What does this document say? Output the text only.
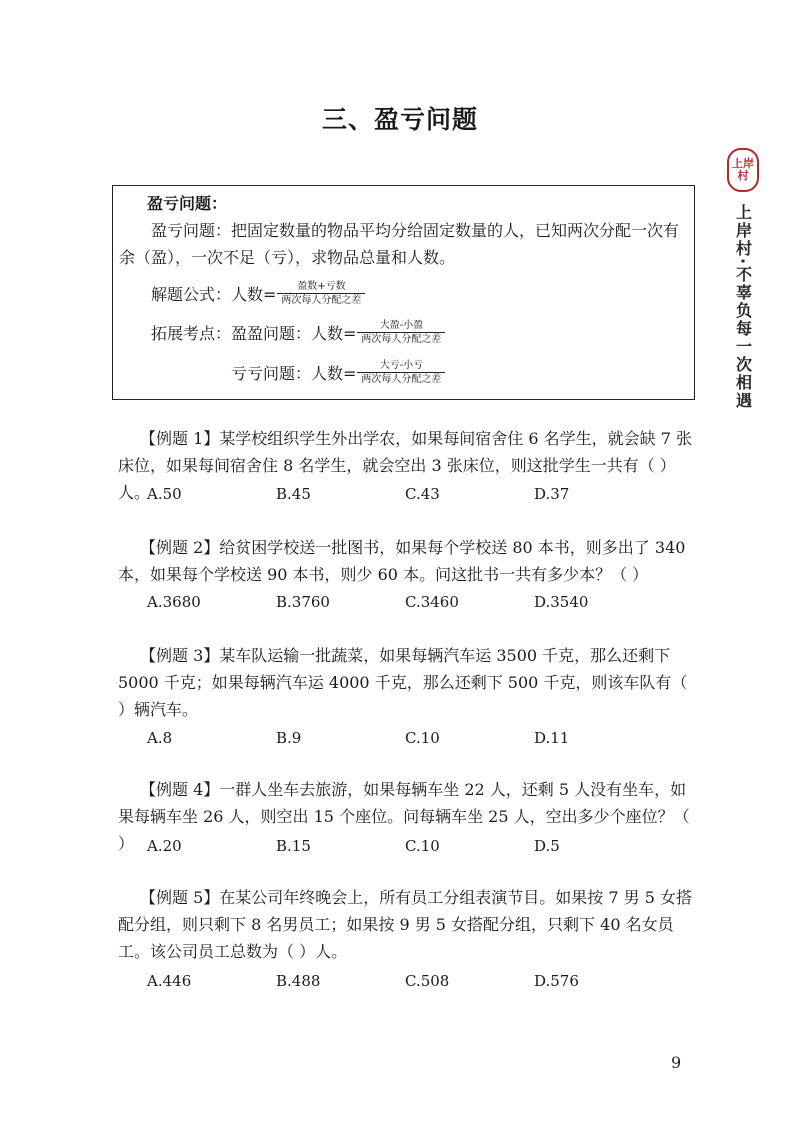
三、盈亏问题
上岸村
上岸村·不辜负每一次相遇
盈亏问题：
盈亏问题：把固定数量的物品平均分给固定数量的人，已知两次分配一次有余（盈），一次不足（亏），求物品总量和人数。
解题公式：人数= $\frac{\text{盈数+亏数}}{\text{两次每人分配之差}}$
拓展考点：盈盈问题：人数= $\frac{\text{大盈-小盈}}{\text{两次每人分配之差}}$
亏亏问题：人数= $\frac{\text{大亏-小亏}}{\text{两次每人分配之差}}$
【例题 1】某学校组织学生外出学农，如果每间宿舍住 6 名学生，就会缺 7 张床位，如果每间宿舍住 8 名学生，就会空出 3 张床位，则这批学生一共有（ ）人。
A.50	B.45	C.43	D.37
【例题 2】给贫困学校送一批图书，如果每个学校送 80 本书，则多出了 340 本，如果每个学校送 90 本书，则少 60 本。问这批书一共有多少本？（ ）
A.3680	B.3760	C.3460	D.3540
【例题 3】某车队运输一批蔬菜，如果每辆汽车运 3500 千克，那么还剩下 5000 千克；如果每辆汽车运 4000 千克，那么还剩下 500 千克，则该车队有（ ）辆汽车。
A.8	B.9	C.10	D.11
【例题 4】一群人坐车去旅游，如果每辆车坐 22 人，还剩 5 人没有坐车，如果每辆车坐 26 人，则空出 15 个座位。问每辆车坐 25 人，空出多少个座位？（ ） A.20	B.15	C.10	D.5
【例题 5】在某公司年终晚会上，所有员工分组表演节目。如果按 7 男 5 女搭配分组，则只剩下 8 名男员工；如果按 9 男 5 女搭配分组，只剩下 40 名女员工。该公司员工总数为（ ）人。
A.446	B.488	C.508	D.576
9
